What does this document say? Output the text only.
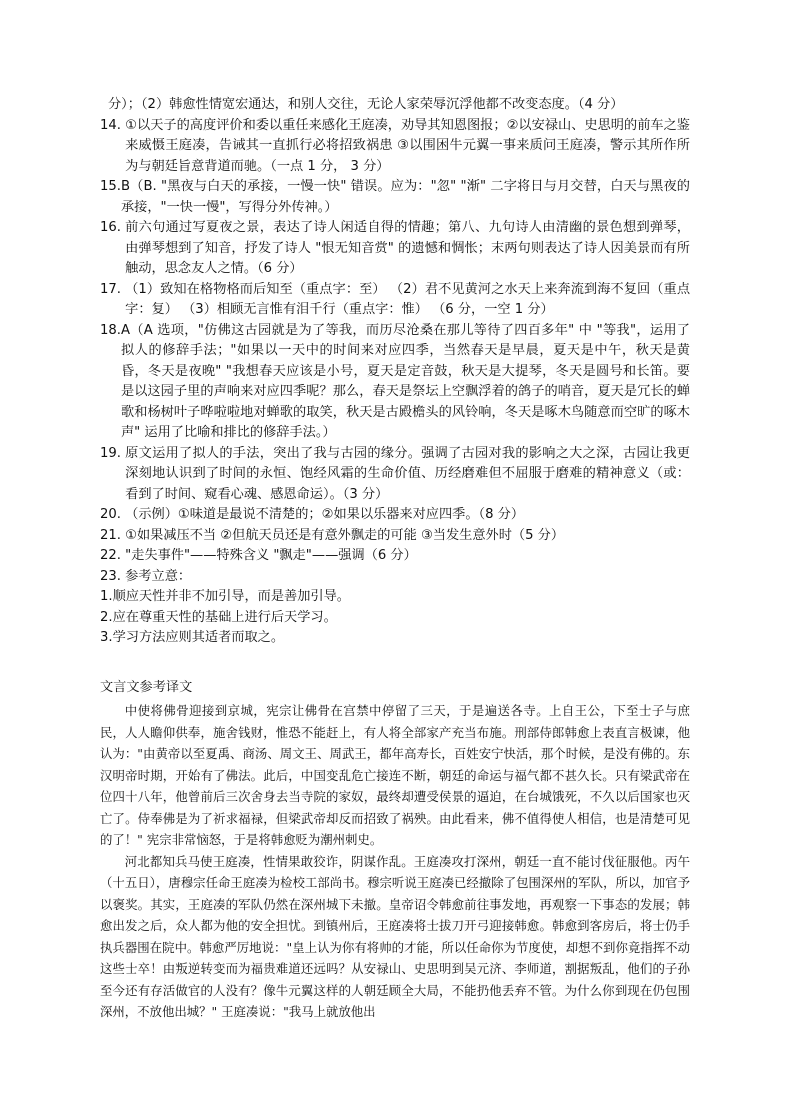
分）；（2）韩愈性情宽宏通达，和别人交往，无论人家荣辱沉浮他都不改变态度。（4 分）
14. ①以天子的高度评价和委以重任来感化王庭凑，劝导其知恩图报；②以安禄山、史思明的前车之鉴来威慑王庭凑，告诫其一直抓行必将招致祸患 ③以围困牛元翼一事来质问王庭凑，警示其所作所为与朝廷旨意背道而驰。（一点 1 分， 3 分）
15. B（B. "黑夜与白天的承接，一慢一快" 错误。应为："忽" "渐" 二字将日与月交替，白天与黑夜的承接，"一快一慢"，写得分外传神。）
16. 前六句通过写夏夜之景，表达了诗人闲适自得的情趣；第八、九句诗人由清幽的景色想到弹琴，由弹琴想到了知音，抒发了诗人 "恨无知音赏" 的遗憾和惆怅；末两句则表达了诗人因美景而有所触动，思念友人之情。（6 分）
17. （1）致知在格物格而后知至（重点字：至） （2）君不见黄河之水天上来奔流到海不复回（重点字：复） （3）相顾无言惟有泪千行（重点字：惟） （6 分，一空 1 分）
18. A（A 选项，"仿佛这古园就是为了等我，而历尽沧桑在那儿等待了四百多年" 中 "等我"，运用了拟人的修辞手法；"如果以一天中的时间来对应四季，当然春天是早晨，夏天是中午，秋天是黄昏，冬天是夜晚" "我想春天应该是小号，夏天是定音鼓，秋天是大提琴，冬天是圆号和长笛。要是以这园子里的声响来对应四季呢？那么，春天是祭坛上空飘浮着的鸽子的哨音，夏天是冗长的蝉歌和杨树叶子哗啦啦地对蝉歌的取笑，秋天是古殿檐头的风铃响，冬天是啄木鸟随意而空旷的啄木声" 运用了比喻和排比的修辞手法。）
19. 原文运用了拟人的手法，突出了我与古园的缘分。强调了古园对我的影响之大之深，古园让我更深刻地认识到了时间的永恒、饱经风霜的生命价值、历经磨难但不屈服于磨难的精神意义（或：看到了时间、窥看心魂、感恩命运）。（3 分）
20. （示例）①味道是最说不清楚的；②如果以乐器来对应四季。（8 分）
21. ①如果减压不当 ②但航天员还是有意外飘走的可能 ③当发生意外时（5 分）
22. "走失事件"——特殊含义 "飘走"——强调（6 分）
23. 参考立意：

1.顺应天性并非不加引导，而是善加引导。

2.应在尊重天性的基础上进行后天学习。

3.学习方法应则其适者而取之。

文言文参考译文

中使将佛骨迎接到京城，宪宗让佛骨在宫禁中停留了三天，于是遍送各寺。上自王公，下至士子与庶民，人人瞻仰供奉，施舍钱财，惟恐不能赶上，有人将全部家产充当布施。刑部侍郎韩愈上表直言极谏，他认为："由黄帝以至夏禹、商汤、周文王、周武王，都年高寿长，百姓安宁快活，那个时候，是没有佛的。东汉明帝时期，开始有了佛法。此后，中国变乱危亡接连不断，朝廷的命运与福气都不甚久长。只有梁武帝在位四十八年，他曾前后三次舍身去当寺院的家奴，最终却遭受侯景的逼迫，在台城饿死，不久以后国家也灭亡了。侍奉佛是为了祈求福禄，但梁武帝却反而招致了祸殃。由此看来，佛不值得使人相信，也是清楚可见的了！" 宪宗非常恼怒，于是将韩愈贬为潮州刺史。

河北都知兵马使王庭凑，性情果敢狡诈，阴谋作乱。王庭凑攻打深州，朝廷一直不能讨伐征服他。丙午（十五日），唐穆宗任命王庭凑为检校工部尚书。穆宗听说王庭凑已经撤除了包围深州的军队，所以，加官予以褒奖。其实，王庭凑的军队仍然在深州城下未撤。皇帝诏令韩愈前往事发地，再观察一下事态的发展；韩愈出发之后，众人都为他的安全担忧。到镇州后，王庭凑将士拔刀开弓迎接韩愈。韩愈到客房后，将士仍手执兵器围在院中。韩愈严厉地说："皇上认为你有将帅的才能，所以任命你为节度使，却想不到你竟指挥不动这些士卒！由叛逆转变而为福贵难道还远吗？从安禄山、史思明到吴元济、李师道，割据叛乱，他们的子孙至今还有存活做官的人没有？像牛元翼这样的人朝廷顾全大局，不能扔他丢弃不管。为什么你到现在仍包围深州，不放他出城？" 王庭凑说："我马上就放他出
